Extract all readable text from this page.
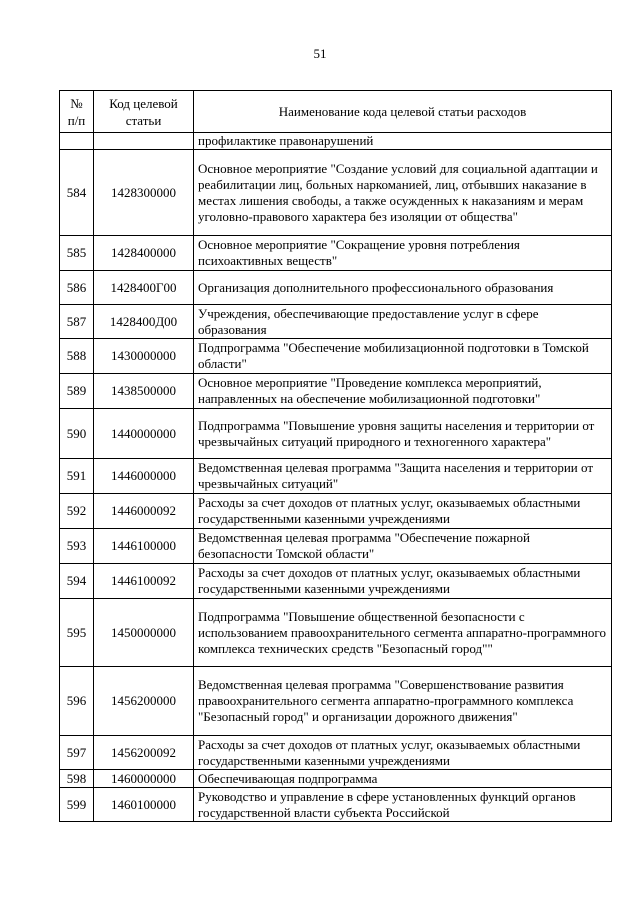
51
№ п/п	Код целевой статьи	Наименование кода целевой статьи расходов
		профилактике правонарушений
584	1428300000	Основное мероприятие "Создание условий для социальной адаптации и реабилитации лиц, больных наркоманией, лиц, отбывших наказание в местах лишения свободы, а также осужденных к наказаниям и мерам уголовно-правового характера без изоляции от общества"
585	1428400000	Основное мероприятие "Сокращение уровня потребления психоактивных веществ"
586	1428400Г00	Организация дополнительного профессионального образования
587	1428400Д00	Учреждения, обеспечивающие предоставление услуг в сфере образования
588	1430000000	Подпрограмма "Обеспечение мобилизационной подготовки в Томской области"
589	1438500000	Основное мероприятие "Проведение комплекса мероприятий, направленных на обеспечение мобилизационной подготовки"
590	1440000000	Подпрограмма "Повышение уровня защиты населения и территории от чрезвычайных ситуаций природного и техногенного характера"
591	1446000000	Ведомственная целевая программа "Защита населения и территории от чрезвычайных ситуаций"
592	1446000092	Расходы за счет доходов от платных услуг, оказываемых областными государственными казенными учреждениями
593	1446100000	Ведомственная целевая программа "Обеспечение пожарной безопасности Томской области"
594	1446100092	Расходы за счет доходов от платных услуг, оказываемых областными государственными казенными учреждениями
595	1450000000	Подпрограмма "Повышение общественной безопасности с использованием правоохранительного сегмента аппаратно-программного комплекса технических средств "Безопасный город""
596	1456200000	Ведомственная целевая программа "Совершенствование развития правоохранительного сегмента аппаратно-программного комплекса "Безопасный город" и организации дорожного движения"
597	1456200092	Расходы за счет доходов от платных услуг, оказываемых областными государственными казенными учреждениями
598	1460000000	Обеспечивающая подпрограмма
599	1460100000	Руководство и управление в сфере установленных функций органов государственной власти субъекта Российской
